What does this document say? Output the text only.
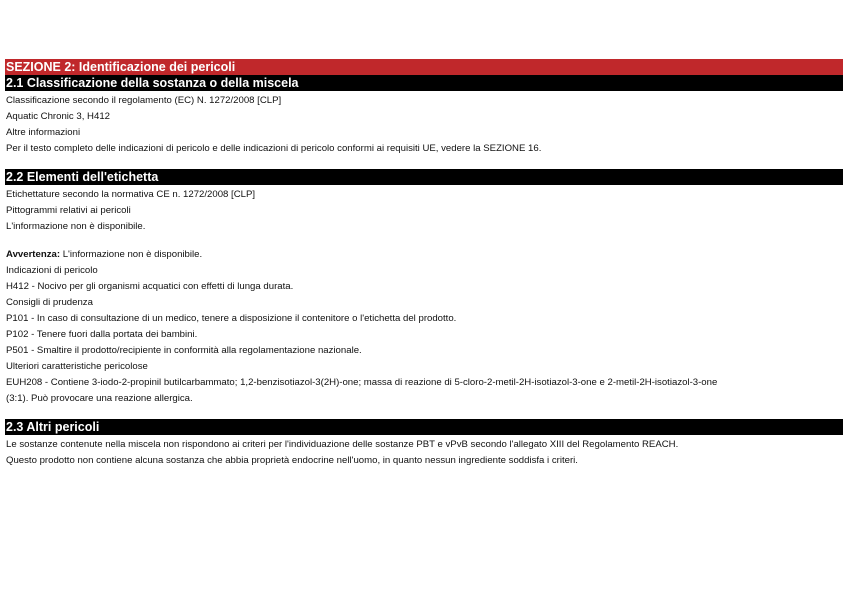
SEZIONE 2: Identificazione dei pericoli
2.1 Classificazione della sostanza o della miscela
Classificazione secondo il regolamento (EC) N. 1272/2008 [CLP]
Aquatic Chronic 3, H412
Altre informazioni
Per il testo completo delle indicazioni di pericolo e delle indicazioni di pericolo conformi ai requisiti UE, vedere la SEZIONE 16.
2.2 Elementi dell'etichetta
Etichettature secondo la normativa CE n. 1272/2008 [CLP]
Pittogrammi relativi ai pericoli
L'informazione non è disponibile.
Avvertenza: L'informazione non è disponibile.
Indicazioni di pericolo
H412 - Nocivo per gli organismi acquatici con effetti di lunga durata.
Consigli di prudenza
P101 - In caso di consultazione di un medico, tenere a disposizione il contenitore o l'etichetta del prodotto.
P102 - Tenere fuori dalla portata dei bambini.
P501 - Smaltire il prodotto/recipiente in conformità alla regolamentazione nazionale.
Ulteriori caratteristiche pericolose
EUH208 - Contiene 3-iodo-2-propinil butilcarbammato; 1,2-benzisotiazol-3(2H)-one; massa di reazione di 5-cloro-2-metil-2H-isotiazol-3-one e 2-metil-2H-isotiazol-3-one
(3:1). Può provocare una reazione allergica.
2.3 Altri pericoli
Le sostanze contenute nella miscela non rispondono ai criteri per l'individuazione delle sostanze PBT e vPvB secondo l'allegato XIII del Regolamento REACH.
Questo prodotto non contiene alcuna sostanza che abbia proprietà endocrine nell'uomo, in quanto nessun ingrediente soddisfa i criteri.
